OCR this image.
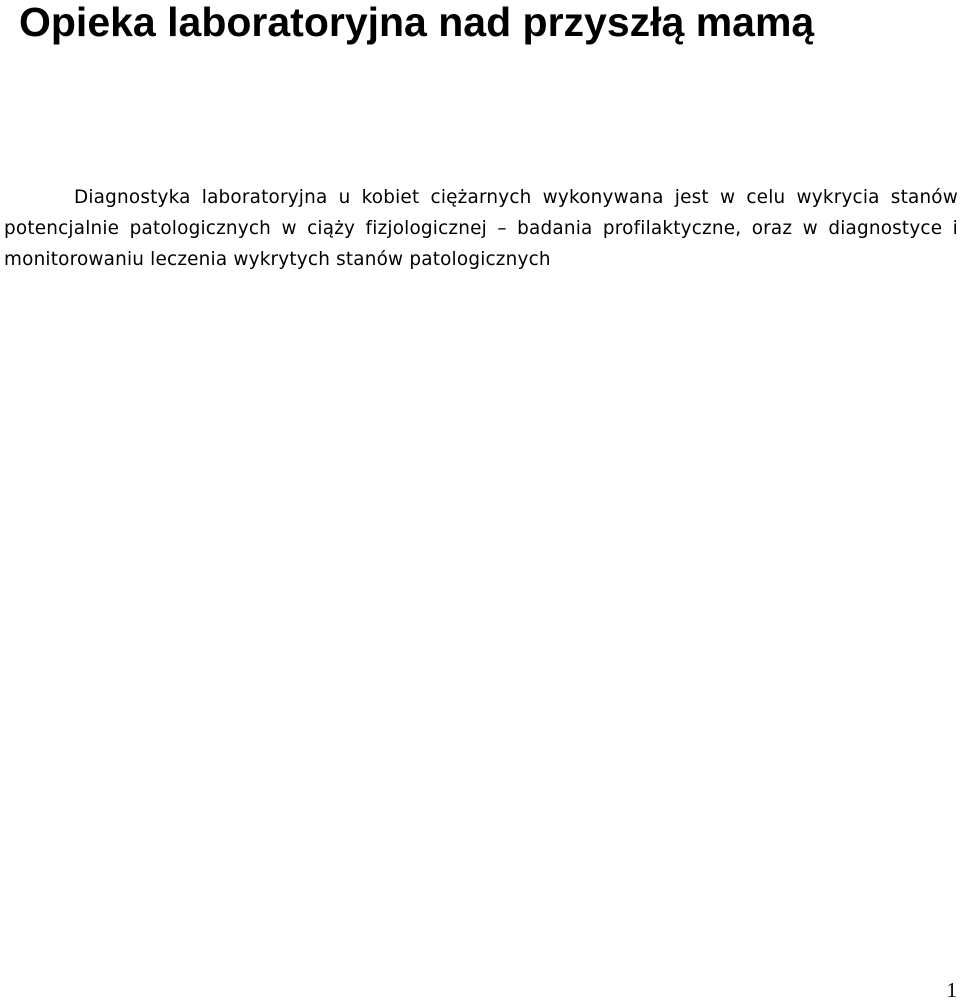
Opieka laboratoryjna nad przyszłą mamą

Diagnostyka laboratoryjna u kobiet ciężarnych wykonywana jest w celu wykrycia stanów potencjalnie patologicznych w ciąży fizjologicznej – badania profilaktyczne, oraz w diagnostyce i monitorowaniu leczenia wykrytych stanów patologicznych

1
